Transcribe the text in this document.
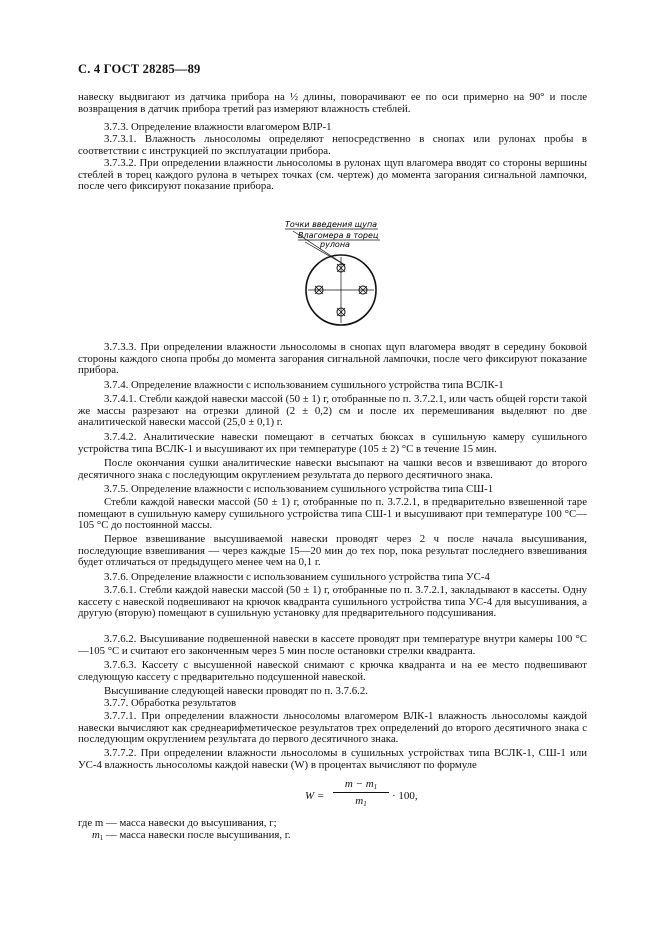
С. 4 ГОСТ 28285—89

навеску выдвигают из датчика прибора на ½ длины, поворачивают ее по оси примерно на 90° и после возвращения в датчик прибора третий раз измеряют влажность стеблей.

3.7.3. Определение влажности влагомером ВЛР-1

3.7.3.1. Влажность льносоломы определяют непосредственно в снопах или рулонах пробы в соответствии с инструкцией по эксплуатации прибора.

3.7.3.2. При определении влажности льносоломы в рулонах щуп влагомера вводят со стороны вершины стеблей в торец каждого рулона в четырех точках (см. чертеж) до момента загорания сигнальной лампочки, после чего фиксируют показание прибора.

Точки введения щупа
Влагомера в торец
рулона

3.7.3.3. При определении влажности льносоломы в снопах щуп влагомера вводят в середину боковой стороны каждого снопа пробы до момента загорания сигнальной лампочки, после чего фиксируют показание прибора.

3.7.4. Определение влажности с использованием сушильного устройства типа ВСЛК-1

3.7.4.1. Стебли каждой навески массой (50 ± 1) г, отобранные по п. 3.7.2.1, или часть общей горсти такой же массы разрезают на отрезки длиной (2 ± 0,2) см и после их перемешивания выделяют по две аналитической навески массой (25,0 ± 0,1) г.

3.7.4.2. Аналитические навески помещают в сетчатых бюксах в сушильную камеру сушильного устройства типа ВСЛК-1 и высушивают их при температуре (105 ± 2) °С в течение 15 мин.

После окончания сушки аналитические навески высыпают на чашки весов и взвешивают до второго десятичного знака с последующим округлением результата до первого десятичного знака.

3.7.5. Определение влажности с использованием сушильного устройства типа СШ-1

Стебли каждой навески массой (50 ± 1) г, отобранные по п. 3.7.2.1, в предварительно взвешенной таре помещают в сушильную камеру сушильного устройства типа СШ-1 и высушивают при температуре 100 °С—105 °С до постоянной массы.

Первое взвешивание высушиваемой навески проводят через 2 ч после начала высушивания, последующие взвешивания — через каждые 15—20 мин до тех пор, пока результат последнего взвешивания будет отличаться от предыдущего менее чем на 0,1 г.

3.7.6. Определение влажности с использованием сушильного устройства типа УС-4

3.7.6.1. Стебли каждой навески массой (50 ± 1) г, отобранные по п. 3.7.2.1, закладывают в кассеты. Одну кассету с навеской подвешивают на крючок квадранта сушильного устройства типа УС-4 для высушивания, а другую (вторую) помещают в сушильную установку для предварительного подсушивания.

3.7.6.2. Высушивание подвешенной навески в кассете проводят при температуре внутри камеры 100 °С—105 °С и считают его законченным через 5 мин после остановки стрелки квадранта.

3.7.6.3. Кассету с высушенной навеской снимают с крючка квадранта и на ее место подвешивают следующую кассету с предварительно подсушенной навеской.

Высушивание следующей навески проводят по п. 3.7.6.2.

3.7.7. Обработка результатов

3.7.7.1. При определении влажности льносоломы влагомером ВЛК-1 влажность льносоломы каждой навески вычисляют как среднеарифметическое результатов трех определений до второго десятичного знака с последующим округлением результата до первого десятичного знака.

3.7.7.2. При определении влажности льносоломы в сушильных устройствах типа ВСЛК-1, СШ-1 или УС-4 влажность льносоломы каждой навески (W) в процентах вычисляют по формуле

W =
$m - m_1$
$m_1$
· 100,
где m — масса навески до высушивания, г;
$m_1$ — масса навески после высушивания, г.
